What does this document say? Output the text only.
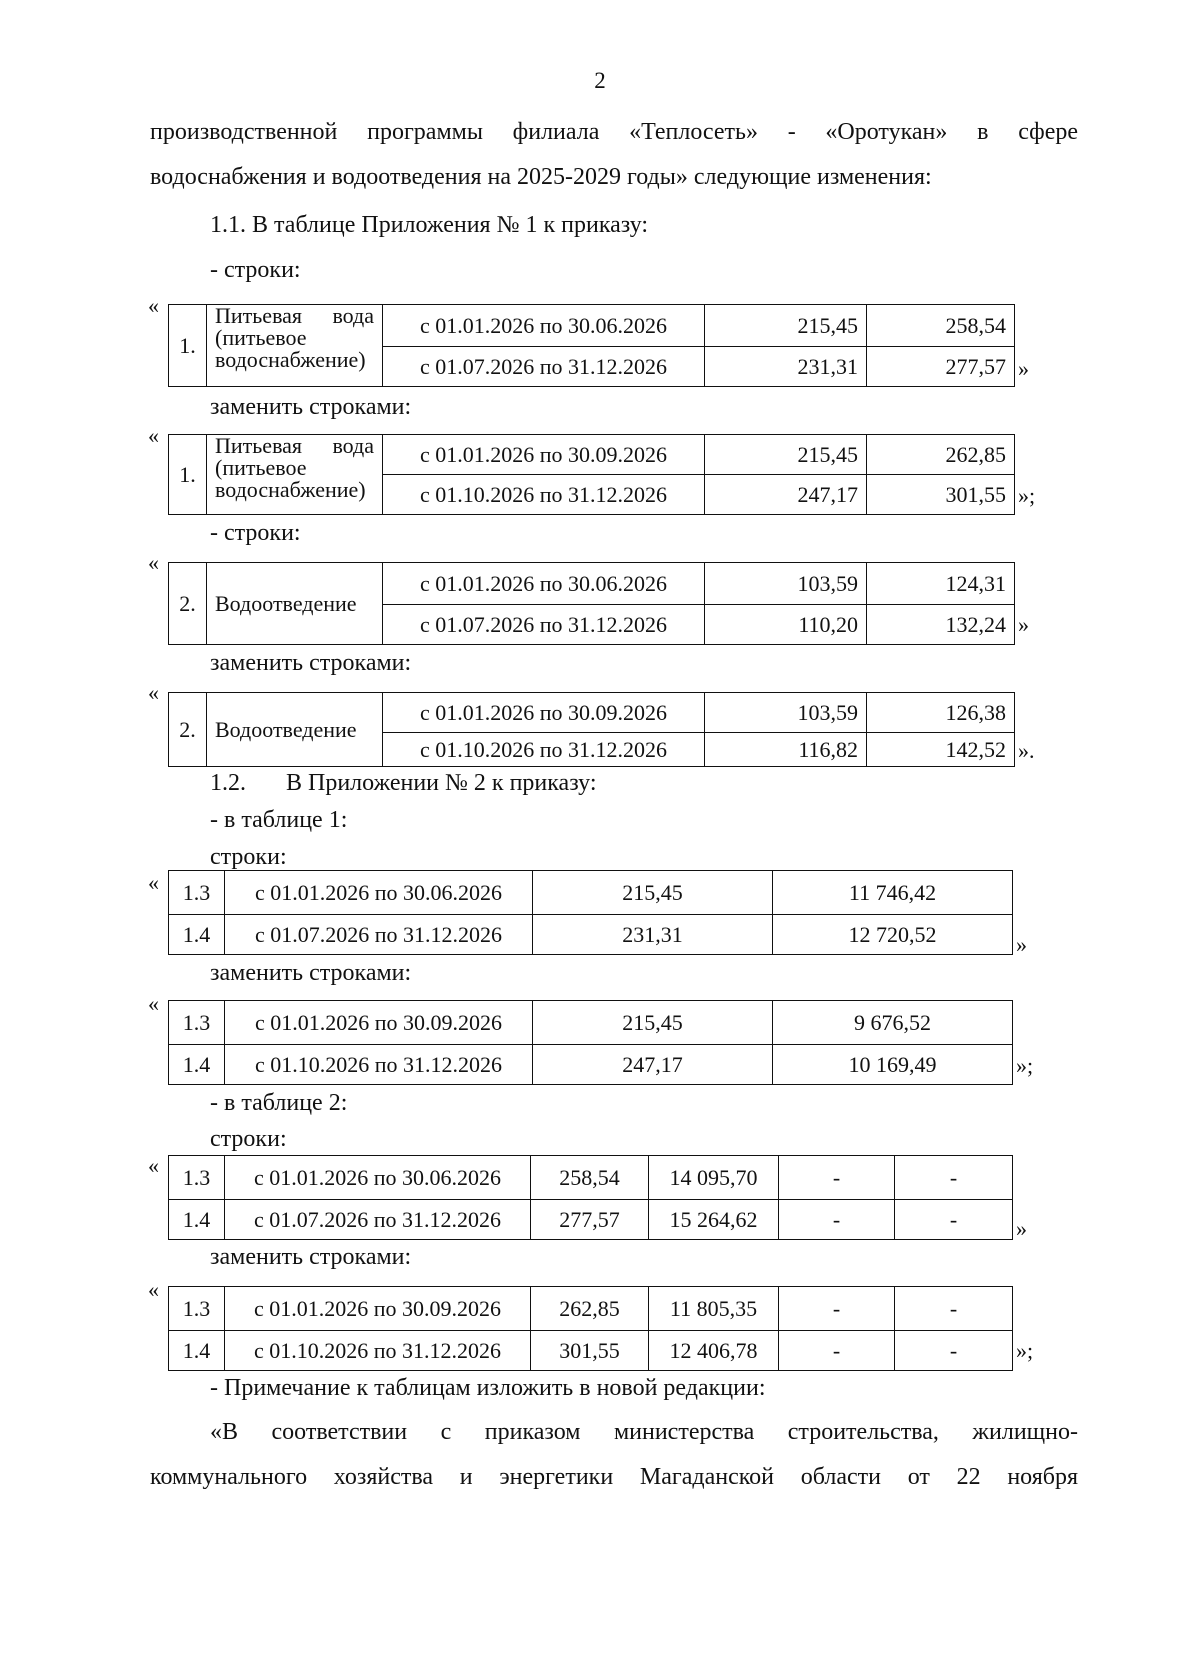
2
производственной программы филиала «Теплосеть» - «Оротукан» в сфере
водоснабжения и водоотведения на 2025-2029 годы» следующие изменения:
1.1. В таблице Приложения № 1 к приказу:
- строки:
«
1.	Питьевая вода
(питьевое
водоснабжение)	с 01.01.2026 по 30.06.2026	215,45	258,54
		с 01.07.2026 по 31.12.2026	231,31	277,57 »
заменить строками:
«
1.	Питьевая вода
(питьевое
водоснабжение)	с 01.01.2026 по 30.09.2026	215,45	262,85
		с 01.10.2026 по 31.12.2026	247,17	301,55 »;
- строки:
«
2.	Водоотведение	с 01.01.2026 по 30.06.2026	103,59	124,31
		с 01.07.2026 по 31.12.2026	110,20	132,24 »
заменить строками:
«
2.	Водоотведение	с 01.01.2026 по 30.09.2026	103,59	126,38
		с 01.10.2026 по 31.12.2026	116,82	142,52 ».
1.2. В Приложении № 2 к приказу:
- в таблице 1:
строки:
« 1.3	с 01.01.2026 по 30.06.2026	215,45	11 746,42
1.4	с 01.07.2026 по 31.12.2026	231,31	12 720,52	»
заменить строками:
«
1.3	с 01.01.2026 по 30.09.2026	215,45	9 676,52
1.4	с 01.10.2026 по 31.12.2026	247,17	10 169,49	»;
- в таблице 2:
строки:
« 1.3	с 01.01.2026 по 30.06.2026	258,54	14 095,70	-	-
1.4	с 01.07.2026 по 31.12.2026	277,57	15 264,62	-	-	»
заменить строками:
«
1.3	с 01.01.2026 по 30.09.2026	262,85	11 805,35	-	-
1.4	с 01.10.2026 по 31.12.2026	301,55	12 406,78	-	-	»;
- Примечание к таблицам изложить в новой редакции:
«В соответствии с приказом министерства строительства, жилищно-
коммунального хозяйства и энергетики Магаданской области от 22 ноября
